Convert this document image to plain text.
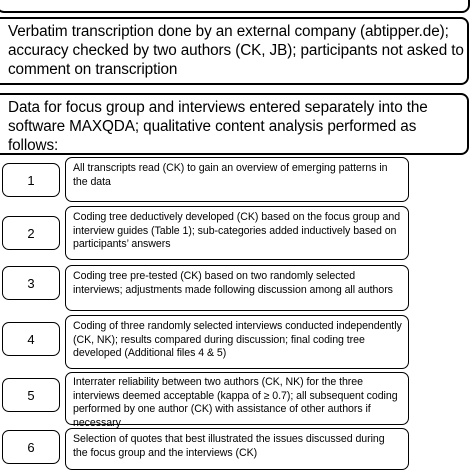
Verbatim transcription done by an external company (abtipper.de); accuracy checked by two authors (CK, JB); participants not asked to comment on transcription
Data for focus group and interviews entered separately into the software MAXQDA; qualitative content analysis performed as follows:
1
All transcripts read (CK) to gain an overview of emerging patterns in the data
2
Coding tree deductively developed (CK) based on the focus group and interview guides (Table 1); sub-categories added inductively based on participants’ answers
3	Coding tree pre-tested (CK) based on two randomly selected interviews; adjustments made following discussion among all authors
4
Coding of three randomly selected interviews conducted independently (CK, NK); results compared during discussion; final coding tree developed (Additional files 4 & 5)
5
Interrater reliability between two authors (CK, NK) for the three interviews deemed acceptable (kappa of ≥ 0.7); all subsequent coding performed by one author (CK) with assistance of other authors if necessary
6
Selection of quotes that best illustrated the issues discussed during the focus group and the interviews (CK)
